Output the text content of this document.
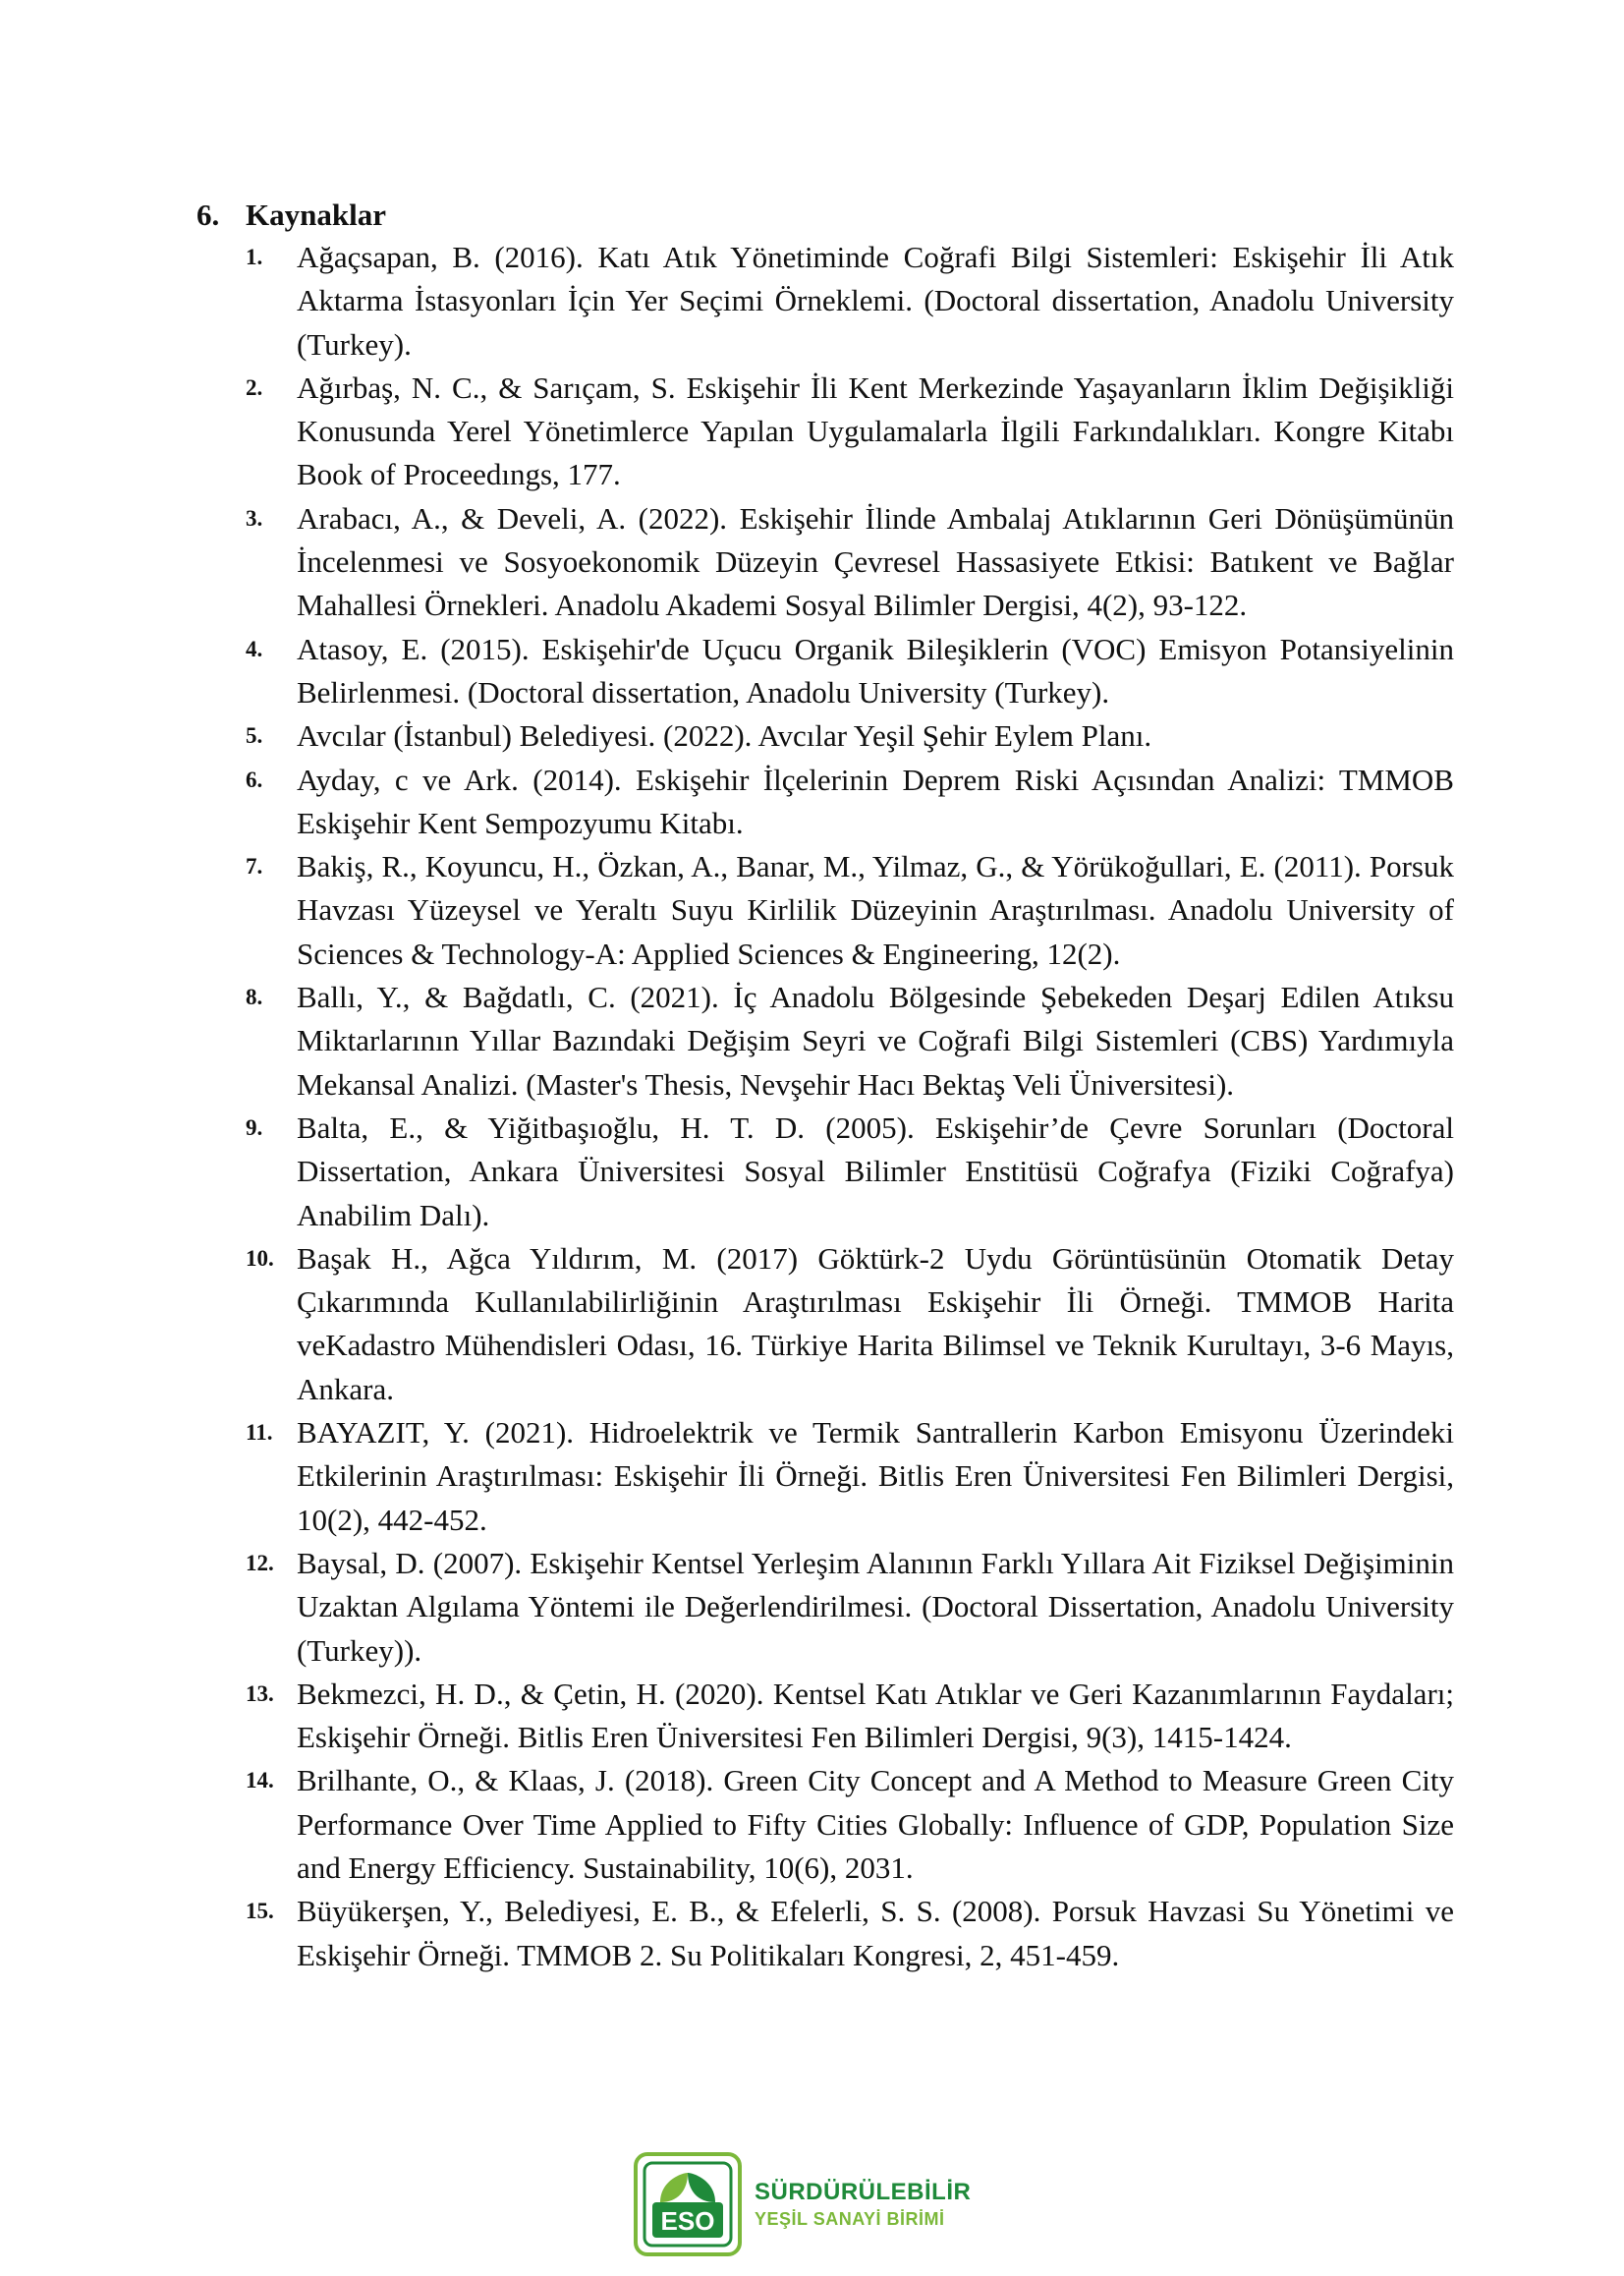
6. Kaynaklar
1. Ağaçsapan, B. (2016). Katı Atık Yönetiminde Coğrafi Bilgi Sistemleri: Eskişehir İli Atık Aktarma İstasyonları İçin Yer Seçimi Örneklemi. (Doctoral dissertation, Anadolu University (Turkey).
2. Ağırbaş, N. C., & Sarıçam, S. Eskişehir İli Kent Merkezinde Yaşayanların İklim Değişikliği Konusunda Yerel Yönetimlerce Yapılan Uygulamalarla İlgili Farkındalıkları. Kongre Kitabı Book of Proceedıngs, 177.
3. Arabacı, A., & Develi, A. (2022). Eskişehir İlinde Ambalaj Atıklarının Geri Dönüşümünün İncelenmesi ve Sosyoekonomik Düzeyin Çevresel Hassasiyete Etkisi: Batıkent ve Bağlar Mahallesi Örnekleri. Anadolu Akademi Sosyal Bilimler Dergisi, 4(2), 93-122.
4. Atasoy, E. (2015). Eskişehir'de Uçucu Organik Bileşiklerin (VOC) Emisyon Potansiyelinin Belirlenmesi. (Doctoral dissertation, Anadolu University (Turkey).
5. Avcılar (İstanbul) Belediyesi. (2022). Avcılar Yeşil Şehir Eylem Planı.
6. Ayday, c ve Ark. (2014). Eskişehir İlçelerinin Deprem Riski Açısından Analizi: TMMOB Eskişehir Kent Sempozyumu Kitabı.
7. Bakiş, R., Koyuncu, H., Özkan, A., Banar, M., Yilmaz, G., & Yörükoğullari, E. (2011). Porsuk Havzası Yüzeysel ve Yeraltı Suyu Kirlilik Düzeyinin Araştırılması. Anadolu University of Sciences & Technology-A: Applied Sciences & Engineering, 12(2).
8. Ballı, Y., & Bağdatlı, C. (2021). İç Anadolu Bölgesinde Şebekeden Deşarj Edilen Atıksu Miktarlarının Yıllar Bazındaki Değişim Seyri ve Coğrafi Bilgi Sistemleri (CBS) Yardımıyla Mekansal Analizi. (Master's Thesis, Nevşehir Hacı Bektaş Veli Üniversitesi).
9. Balta, E., & Yiğitbaşıoğlu, H. T. D. (2005). Eskişehir’de Çevre Sorunları (Doctoral Dissertation, Ankara Üniversitesi Sosyal Bilimler Enstitüsü Coğrafya (Fiziki Coğrafya) Anabilim Dalı).
10. Başak H., Ağca Yıldırım, M. (2017) Göktürk-2 Uydu Görüntüsünün Otomatik Detay Çıkarımında Kullanılabilirliğinin Araştırılması Eskişehir İli Örneği. TMMOB Harita veKadastro Mühendisleri Odası, 16. Türkiye Harita Bilimsel ve Teknik Kurultayı, 3-6 Mayıs, Ankara.
11. BAYAZIT, Y. (2021). Hidroelektrik ve Termik Santrallerin Karbon Emisyonu Üzerindeki Etkilerinin Araştırılması: Eskişehir İli Örneği. Bitlis Eren Üniversitesi Fen Bilimleri Dergisi, 10(2), 442-452.
12. Baysal, D. (2007). Eskişehir Kentsel Yerleşim Alanının Farklı Yıllara Ait Fiziksel Değişiminin Uzaktan Algılama Yöntemi ile Değerlendirilmesi. (Doctoral Dissertation, Anadolu University (Turkey)).
13. Bekmezci, H. D., & Çetin, H. (2020). Kentsel Katı Atıklar ve Geri Kazanımlarının Faydaları; Eskişehir Örneği. Bitlis Eren Üniversitesi Fen Bilimleri Dergisi, 9(3), 1415-1424.
14. Brilhante, O., & Klaas, J. (2018). Green City Concept and A Method to Measure Green City Performance Over Time Applied to Fifty Cities Globally: Influence of GDP, Population Size and Energy Efficiency. Sustainability, 10(6), 2031.
15. Büyükerşen, Y., Belediyesi, E. B., & Efelerli, S. S. (2008). Porsuk Havzasi Su Yönetimi ve Eskişehir Örneği. TMMOB 2. Su Politikaları Kongresi, 2, 451-459.
ESO
SÜRDÜRÜLEBİLİR
YEŞİL SANAYİ BİRİMİ
